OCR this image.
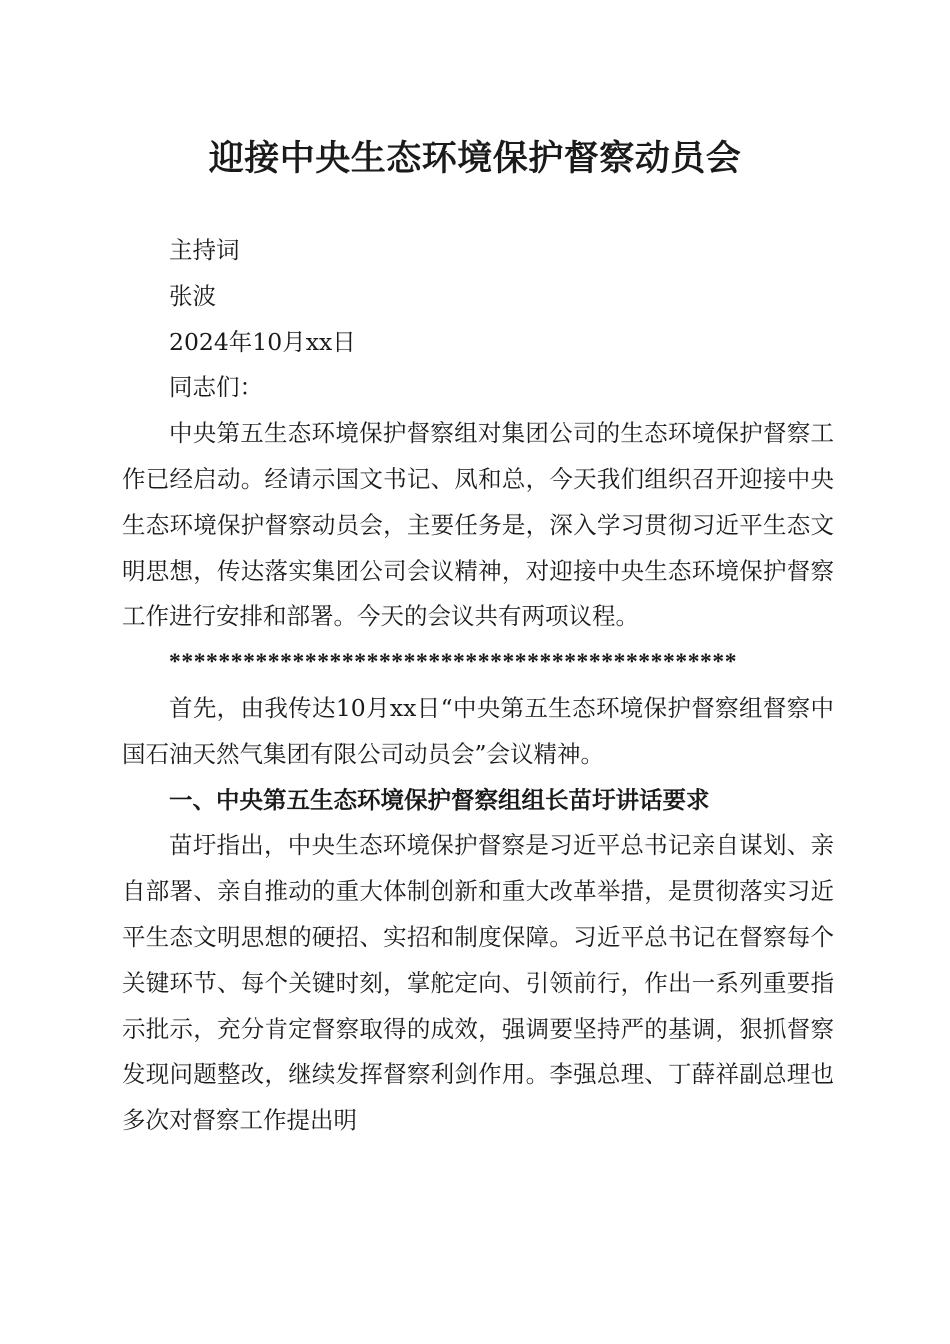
迎接中央生态环境保护督察动员会

主持词

张波

2024年10月xx日

同志们：

中央第五生态环境保护督察组对集团公司的生态环境保护督察工作已经启动。经请示国文书记、凤和总，今天我们组织召开迎接中央生态环境保护督察动员会，主要任务是，深入学习贯彻习近平生态文明思想，传达落实集团公司会议精神，对迎接中央生态环境保护督察工作进行安排和部署。今天的会议共有两项议程。

**********************************************

首先，由我传达10月xx日“中央第五生态环境保护督察组督察中国石油天然气集团有限公司动员会”会议精神。

一、中央第五生态环境保护督察组组长苗圩讲话要求

苗圩指出，中央生态环境保护督察是习近平总书记亲自谋划、亲自部署、亲自推动的重大体制创新和重大改革举措，是贯彻落实习近平生态文明思想的硬招、实招和制度保障。习近平总书记在督察每个关键环节、每个关键时刻，掌舵定向、引领前行，作出一系列重要指示批示，充分肯定督察取得的成效，强调要坚持严的基调，狠抓督察发现问题整改，继续发挥督察利剑作用。李强总理、丁薛祥副总理也多次对督察工作提出明
